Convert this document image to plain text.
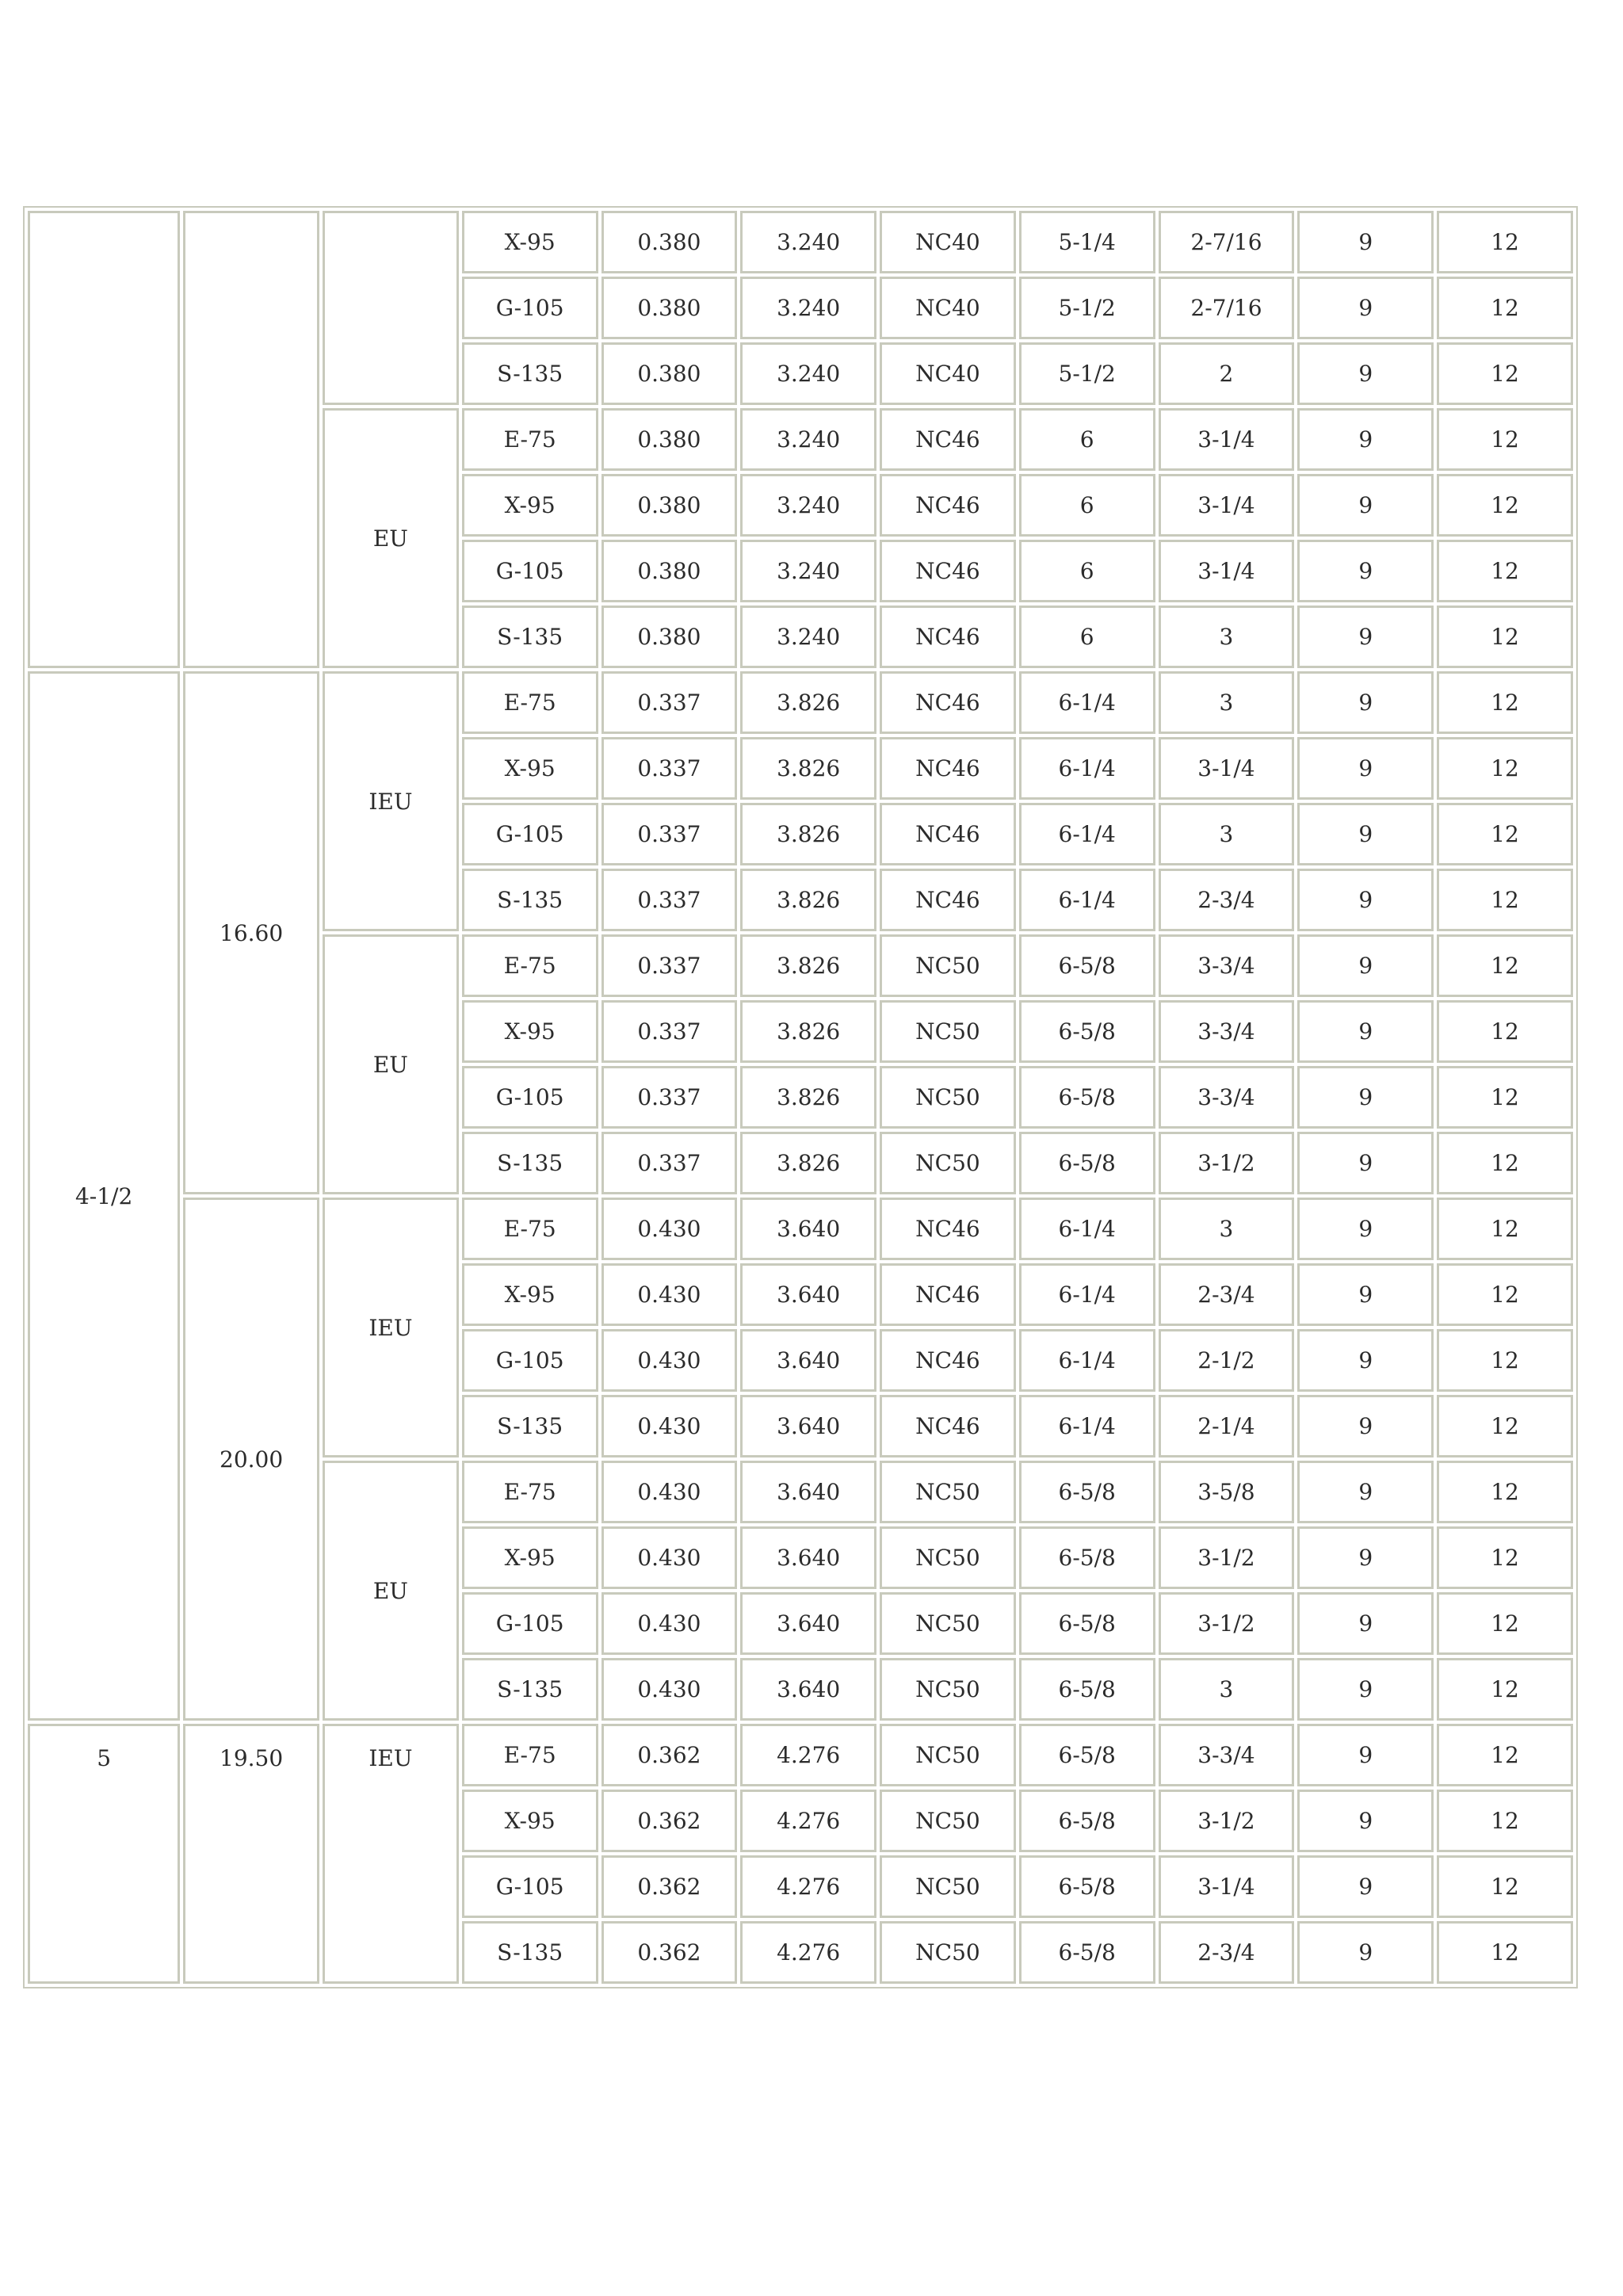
			X-95	0.380	3.240	NC40	5-1/4	2-7/16	9	12
			G-105	0.380	3.240	NC40	5-1/2	2-7/16	9	12
			S-135	0.380	3.240	NC40	5-1/2	2	9	12
		EU	E-75	0.380	3.240	NC46	6	3-1/4	9	12
			X-95	0.380	3.240	NC46	6	3-1/4	9	12
			G-105	0.380	3.240	NC46	6	3-1/4	9	12
			S-135	0.380	3.240	NC46	6	3	9	12
4-1/2	16.60	IEU	E-75	0.337	3.826	NC46	6-1/4	3	9	12
			X-95	0.337	3.826	NC46	6-1/4	3-1/4	9	12
			G-105	0.337	3.826	NC46	6-1/4	3	9	12
			S-135	0.337	3.826	NC46	6-1/4	2-3/4	9	12
		EU	E-75	0.337	3.826	NC50	6-5/8	3-3/4	9	12
			X-95	0.337	3.826	NC50	6-5/8	3-3/4	9	12
			G-105	0.337	3.826	NC50	6-5/8	3-3/4	9	12
			S-135	0.337	3.826	NC50	6-5/8	3-1/2	9	12
	20.00	IEU	E-75	0.430	3.640	NC46	6-1/4	3	9	12
			X-95	0.430	3.640	NC46	6-1/4	2-3/4	9	12
			G-105	0.430	3.640	NC46	6-1/4	2-1/2	9	12
			S-135	0.430	3.640	NC46	6-1/4	2-1/4	9	12
		EU	E-75	0.430	3.640	NC50	6-5/8	3-5/8	9	12
			X-95	0.430	3.640	NC50	6-5/8	3-1/2	9	12
			G-105	0.430	3.640	NC50	6-5/8	3-1/2	9	12
			S-135	0.430	3.640	NC50	6-5/8	3	9	12
5	19.50	IEU	E-75	0.362	4.276	NC50	6-5/8	3-3/4	9	12
			X-95	0.362	4.276	NC50	6-5/8	3-1/2	9	12
			G-105	0.362	4.276	NC50	6-5/8	3-1/4	9	12
			S-135	0.362	4.276	NC50	6-5/8	2-3/4	9	12
